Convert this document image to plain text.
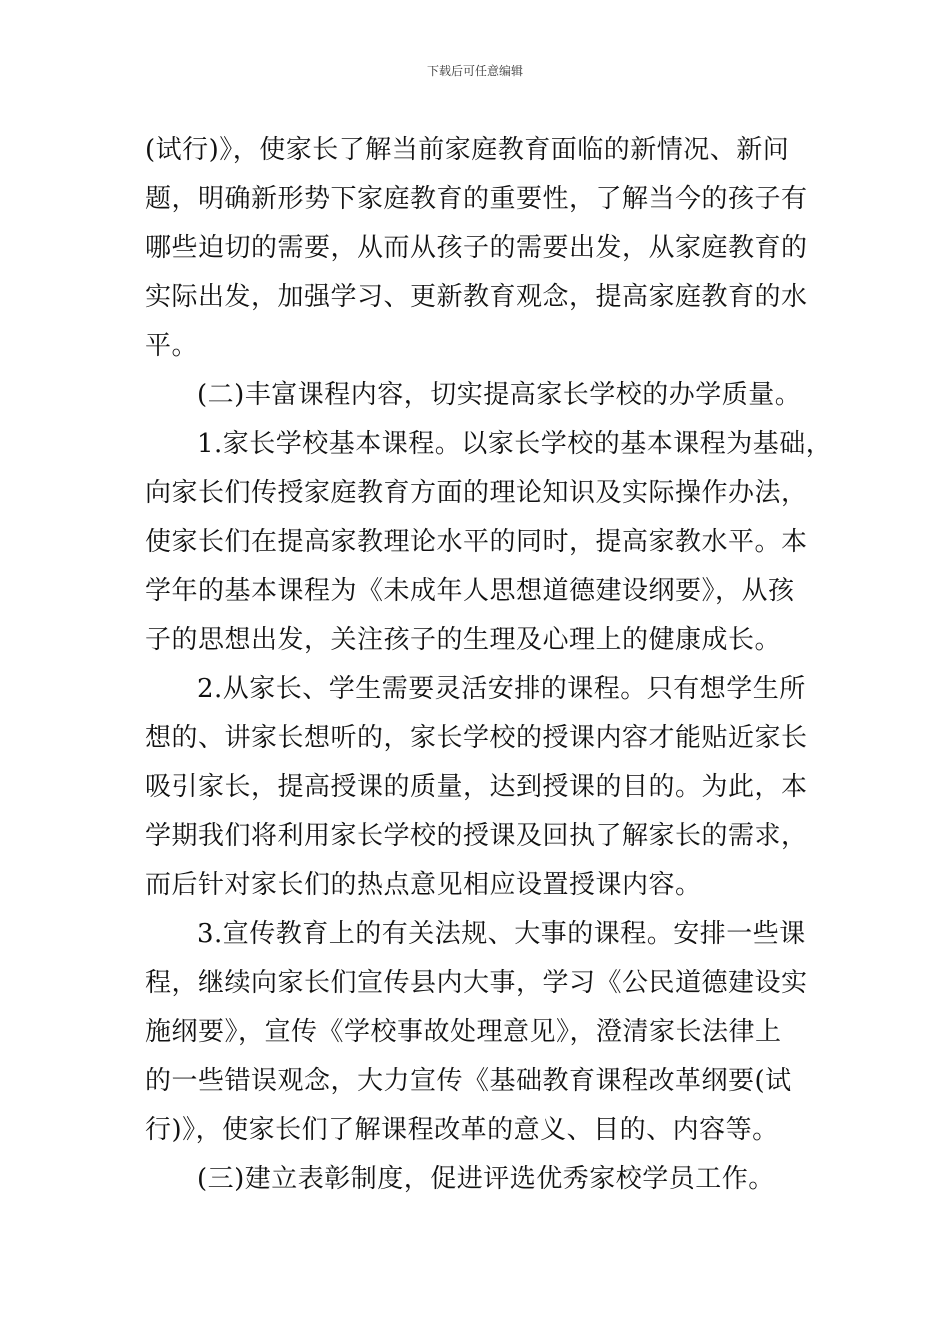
下载后可任意编辑
(试行)》，使家长了解当前家庭教育面临的新情况、新问
题，明确新形势下家庭教育的重要性，了解当今的孩子有
哪些迫切的需要，从而从孩子的需要出发，从家庭教育的
实际出发，加强学习、更新教育观念，提高家庭教育的水
平。
(二)丰富课程内容，切实提高家长学校的办学质量。
1.家长学校基本课程。以家长学校的基本课程为基础，
向家长们传授家庭教育方面的理论知识及实际操作办法，
使家长们在提高家教理论水平的同时，提高家教水平。本
学年的基本课程为《未成年人思想道德建设纲要》，从孩
子的思想出发，关注孩子的生理及心理上的健康成长。
2.从家长、学生需要灵活安排的课程。只有想学生所
想的、讲家长想听的，家长学校的授课内容才能贴近家长
吸引家长，提高授课的质量，达到授课的目的。为此，本
学期我们将利用家长学校的授课及回执了解家长的需求，
而后针对家长们的热点意见相应设置授课内容。
3.宣传教育上的有关法规、大事的课程。安排一些课
程，继续向家长们宣传县内大事，学习《公民道德建设实
施纲要》，宣传《学校事故处理意见》，澄清家长法律上
的一些错误观念，大力宣传《基础教育课程改革纲要(试
行)》，使家长们了解课程改革的意义、目的、内容等。
(三)建立表彰制度，促进评选优秀家校学员工作。
